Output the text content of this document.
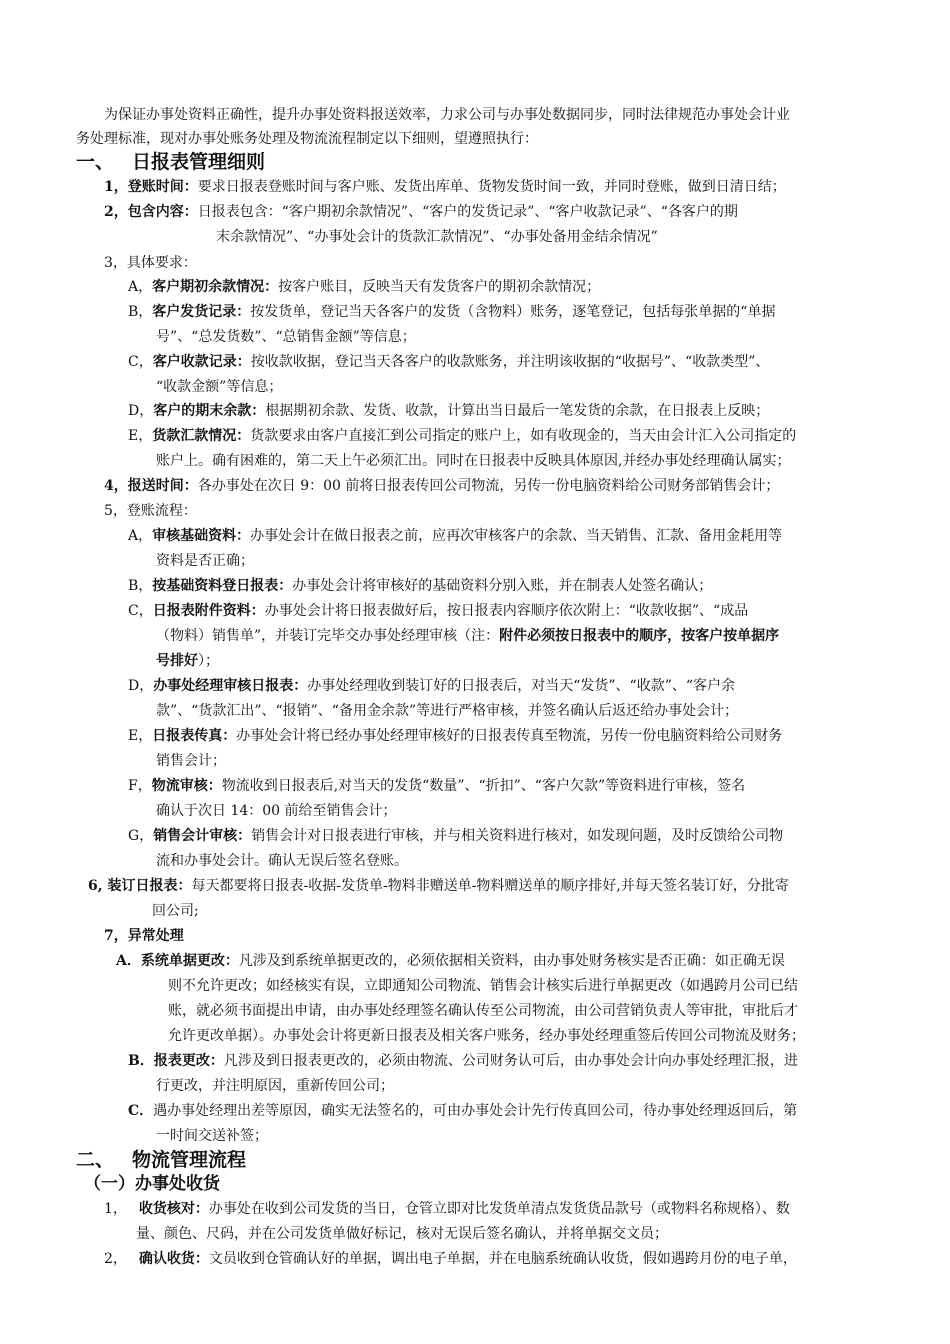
为保证办事处资料正确性，提升办事处资料报送效率，力求公司与办事处数据同步，同时法律规范办事处会计业
务处理标准，现对办事处账务处理及物流流程制定以下细则，望遵照执行：
一、 日报表管理细则
1，登账时间：要求日报表登账时间与客户账、发货出库单、货物发货时间一致，并同时登账，做到日清日结；
2，包含内容：日报表包含：“客户期初余款情况”、“客户的发货记录”、“客户收款记录”、“各客户的期
末余款情况”、“办事处会计的货款汇款情况”、“办事处备用金结余情况”
3，具体要求：
A，客户期初余款情况：按客户账目，反映当天有发货客户的期初余款情况；
B，客户发货记录：按发货单，登记当天各客户的发货（含物料）账务，逐笔登记，包括每张单据的“单据
号”、“总发货数”、“总销售金额”等信息；
C，客户收款记录：按收款收据，登记当天各客户的收款账务，并注明该收据的“收据号”、“收款类型”、
“收款金额”等信息；
D，客户的期末余款：根据期初余款、发货、收款，计算出当日最后一笔发货的余款，在日报表上反映；
E，货款汇款情况：货款要求由客户直接汇到公司指定的账户上，如有收现金的，当天由会计汇入公司指定的
账户上。确有困难的，第二天上午必须汇出。同时在日报表中反映具体原因,并经办事处经理确认属实；
4，报送时间：各办事处在次日 9：00 前将日报表传回公司物流，另传一份电脑资料给公司财务部销售会计；
5，登账流程：
A，审核基础资料：办事处会计在做日报表之前，应再次审核客户的余款、当天销售、汇款、备用金耗用等
资料是否正确；
B，按基础资料登日报表：办事处会计将审核好的基础资料分别入账，并在制表人处签名确认；
C，日报表附件资料：办事处会计将日报表做好后，按日报表内容顺序依次附上：“收款收据”、“成品
（物料）销售单”，并装订完毕交办事处经理审核（注：附件必须按日报表中的顺序，按客户按单据序
号排好）；
D，办事处经理审核日报表：办事处经理收到装订好的日报表后，对当天“发货”、“收款”、“客户余
款”、“货款汇出”、“报销”、“备用金余款”等进行严格审核，并签名确认后返还给办事处会计；
E，日报表传真：办事处会计将已经办事处经理审核好的日报表传真至物流，另传一份电脑资料给公司财务
销售会计；
F，物流审核：物流收到日报表后,对当天的发货“数量”、“折扣”、“客户欠款”等资料进行审核，签名
确认于次日 14：00 前给至销售会计；
G，销售会计审核：销售会计对日报表进行审核，并与相关资料进行核对，如发现问题，及时反馈给公司物
流和办事处会计。确认无误后签名登账。
6, 装订日报表：每天都要将日报表-收据-发货单-物料非赠送单-物料赠送单的顺序排好,并每天签名装订好，分批寄
回公司;
7，异常处理
A．系统单据更改：凡涉及到系统单据更改的，必须依据相关资料，由办事处财务核实是否正确：如正确无误
则不允许更改；如经核实有误，立即通知公司物流、销售会计核实后进行单据更改（如遇跨月公司已结
账，就必须书面提出申请，由办事处经理签名确认传至公司物流，由公司营销负责人等审批，审批后才
允许更改单据）。办事处会计将更新日报表及相关客户账务，经办事处经理重签后传回公司物流及财务；
B．报表更改：凡涉及到日报表更改的，必须由物流、公司财务认可后，由办事处会计向办事处经理汇报，进
行更改，并注明原因，重新传回公司；
C．遇办事处经理出差等原因，确实无法签名的，可由办事处会计先行传真回公司，待办事处经理返回后，第
一时间交送补签；
二、 物流管理流程
（一）办事处收货
1， 收货核对：办事处在收到公司发货的当日，仓管立即对比发货单清点发货货品款号（或物料名称规格）、数
量、颜色、尺码，并在公司发货单做好标记，核对无误后签名确认，并将单据交文员；
2， 确认收货：文员收到仓管确认好的单据，调出电子单据，并在电脑系统确认收货，假如遇跨月份的电子单，
